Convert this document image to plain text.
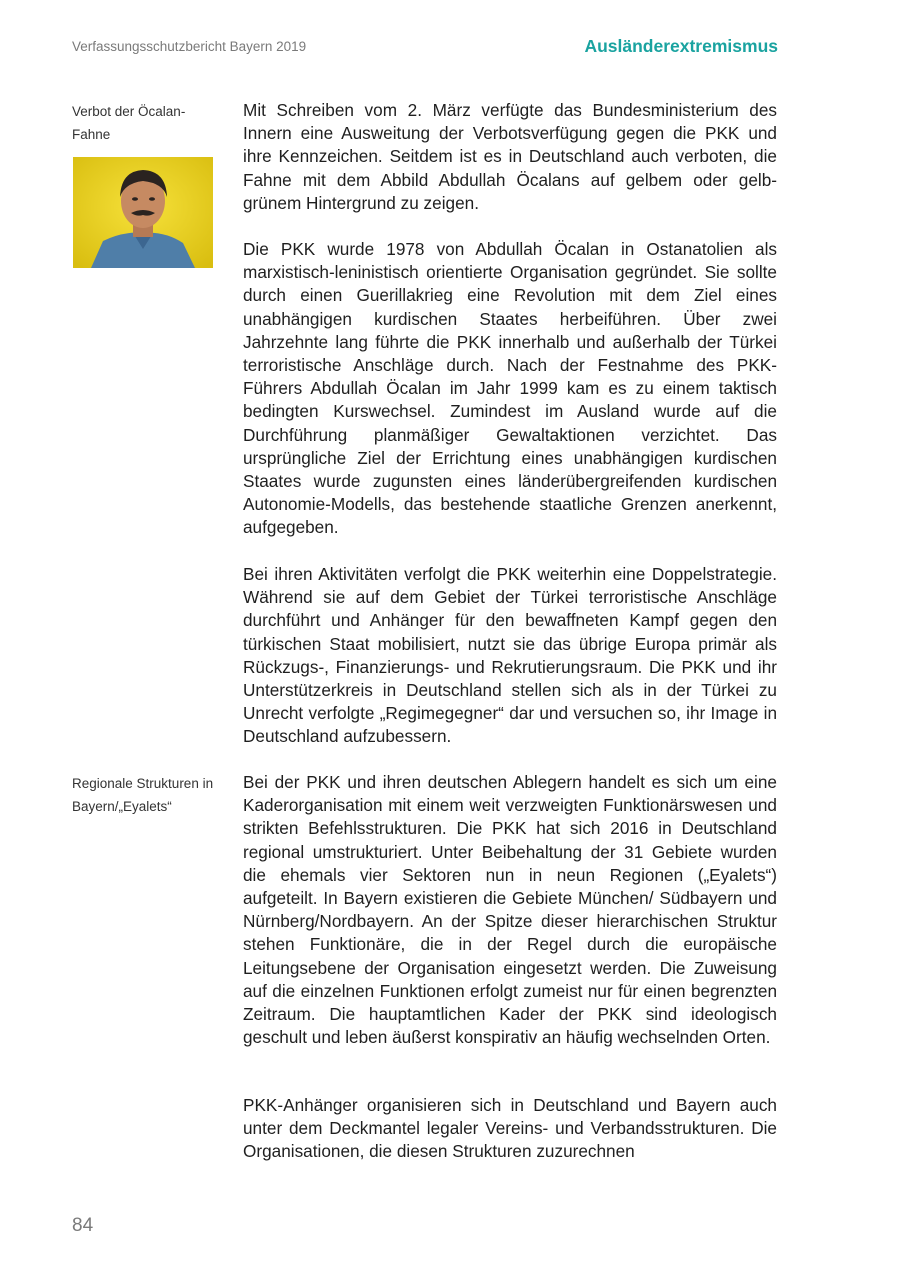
Verfassungsschutzbericht Bayern 2019	Ausländerextremismus
Verbot der Öcalan-Fahne
Mit Schreiben vom 2. März verfügte das Bundesministerium des Innern eine Ausweitung der Verbotsverfügung gegen die PKK und ihre Kennzeichen. Seitdem ist es in Deutschland auch verboten, die Fahne mit dem Abbild Abdullah Öcalans auf gelbem oder gelb-grünem Hintergrund zu zeigen.
Die PKK wurde 1978 von Abdullah Öcalan in Ostanatolien als marxistisch-leninistisch orientierte Organisation gegründet. Sie sollte durch einen Guerillakrieg eine Revolution mit dem Ziel eines unabhängigen kurdischen Staates herbeiführen. Über zwei Jahrzehnte lang führte die PKK innerhalb und außerhalb der Türkei terroristische Anschläge durch. Nach der Festnahme des PKK-Führers Abdullah Öcalan im Jahr 1999 kam es zu einem taktisch bedingten Kurswechsel. Zumindest im Ausland wurde auf die Durchführung planmäßiger Gewaltaktionen verzichtet. Das ursprüngliche Ziel der Errichtung eines unabhängigen kurdischen Staates wurde zugunsten eines länderübergreifenden kurdischen Autonomie-Modells, das bestehende staatliche Grenzen anerkennt, aufgegeben.
Bei ihren Aktivitäten verfolgt die PKK weiterhin eine Doppelstrategie. Während sie auf dem Gebiet der Türkei terroristische Anschläge durchführt und Anhänger für den bewaffneten Kampf gegen den türkischen Staat mobilisiert, nutzt sie das übrige Europa primär als Rückzugs-, Finanzierungs- und Rekrutierungsraum. Die PKK und ihr Unterstützerkreis in Deutschland stellen sich als in der Türkei zu Unrecht verfolgte „Regimegegner“ dar und versuchen so, ihr Image in Deutschland aufzubessern.
Regionale Strukturen in Bayern/„Eyalets“
Bei der PKK und ihren deutschen Ablegern handelt es sich um eine Kaderorganisation mit einem weit verzweigten Funktionärswesen und strikten Befehlsstrukturen. Die PKK hat sich 2016 in Deutschland regional umstrukturiert. Unter Beibehaltung der 31 Gebiete wurden die ehemals vier Sektoren nun in neun Regionen („Eyalets“) aufgeteilt. In Bayern existieren die Gebiete München/ Südbayern und Nürnberg/Nordbayern. An der Spitze dieser hierarchischen Struktur stehen Funktionäre, die in der Regel durch die europäische Leitungsebene der Organisation eingesetzt werden. Die Zuweisung auf die einzelnen Funktionen erfolgt zumeist nur für einen begrenzten Zeitraum. Die hauptamtlichen Kader der PKK sind ideologisch geschult und leben äußerst konspirativ an häufig wechselnden Orten.
PKK-Anhänger organisieren sich in Deutschland und Bayern auch unter dem Deckmantel legaler Vereins- und Verbandsstrukturen. Die Organisationen, die diesen Strukturen zuzurechnen
84
